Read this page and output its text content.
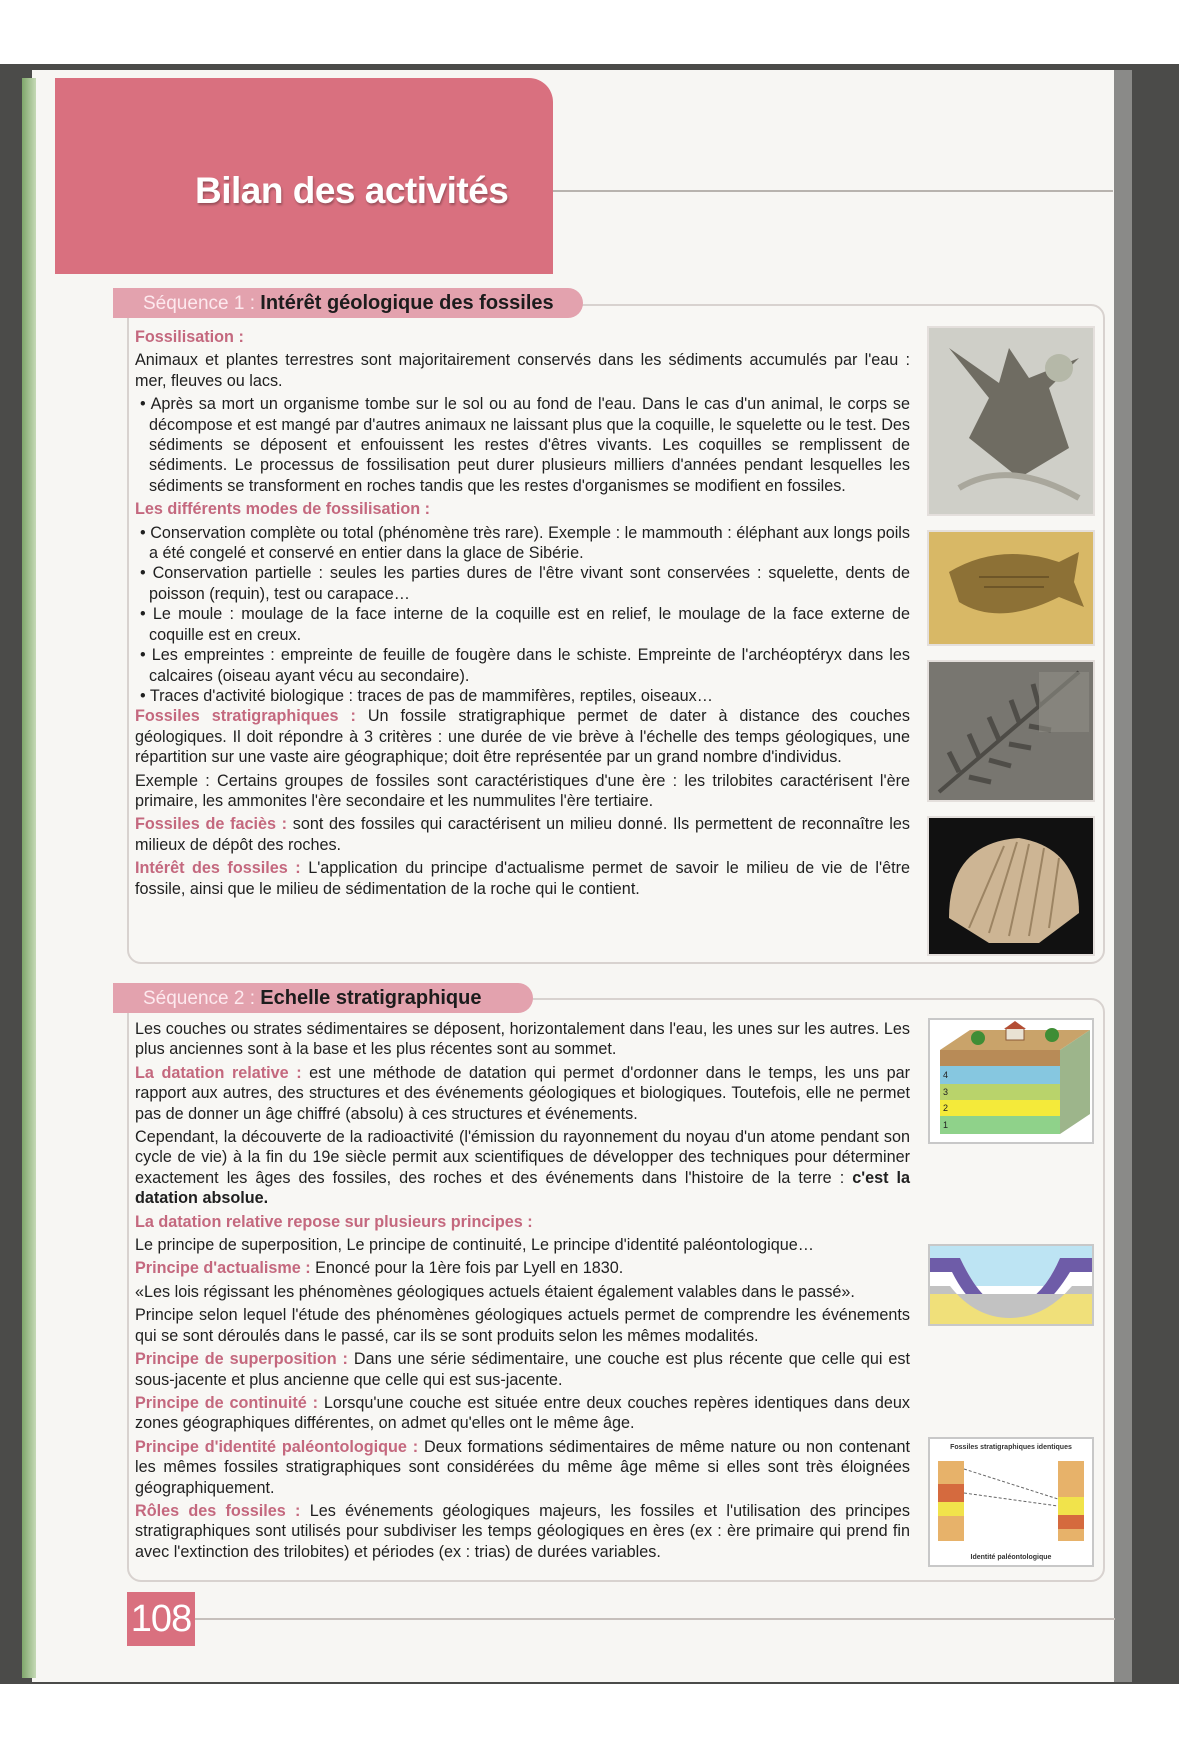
Bilan des activités
Séquence 1 : Intérêt géologique des fossiles

Fossilisation :

Animaux et plantes terrestres sont majoritairement conservés dans les sédiments accumulés par l'eau : mer, fleuves ou lacs.

• Après sa mort un organisme tombe sur le sol ou au fond de l'eau. Dans le cas d'un animal, le corps se décompose et est mangé par d'autres animaux ne laissant plus que la coquille, le squelette ou le test. Des sédiments se déposent et enfouissent les restes d'êtres vivants. Les coquilles se remplissent de sédiments. Le processus de fossilisation peut durer plusieurs milliers d'années pendant lesquelles les sédiments se transforment en roches tandis que les restes d'organismes se modifient en fossiles.

Les différents modes de fossilisation :

• Conservation complète ou total (phénomène très rare). Exemple : le mammouth : éléphant aux longs poils a été congelé et conservé en entier dans la glace de Sibérie.

• Conservation partielle : seules les parties dures de l'être vivant sont conservées : squelette, dents de poisson (requin), test ou carapace…

• Le moule : moulage de la face interne de la coquille est en relief, le moulage de la face externe de coquille est en creux.

• Les empreintes : empreinte de feuille de fougère dans le schiste. Empreinte de l'archéoptéryx dans les calcaires (oiseau ayant vécu au secondaire).

• Traces d'activité biologique : traces de pas de mammifères, reptiles, oiseaux…

Fossiles stratigraphiques : Un fossile stratigraphique permet de dater à distance des couches géologiques. Il doit répondre à 3 critères : une durée de vie brève à l'échelle des temps géologiques, une répartition sur une vaste aire géographique; doit être représentée par un grand nombre d'individus.

Exemple : Certains groupes de fossiles sont caractéristiques d'une ère : les trilobites caractérisent l'ère primaire, les ammonites l'ère secondaire et les nummulites l'ère tertiaire.

Fossiles de faciès : sont des fossiles qui caractérisent un milieu donné. Ils permettent de reconnaître les milieux de dépôt des roches.

Intérêt des fossiles : L'application du principe d'actualisme permet de savoir le milieu de vie de l'être fossile, ainsi que le milieu de sédimentation de la roche qui le contient.

Séquence 2 : Echelle stratigraphique

Les couches ou strates sédimentaires se déposent, horizontalement dans l'eau, les unes sur les autres. Les plus anciennes sont à la base et les plus récentes sont au sommet.

La datation relative : est une méthode de datation qui permet d'ordonner dans le temps, les uns par rapport aux autres, des structures et des événements géologiques et biologiques. Toutefois, elle ne permet pas de donner un âge chiffré (absolu) à ces structures et événements.

Cependant, la découverte de la radioactivité (l'émission du rayonnement du noyau d'un atome pendant son cycle de vie) à la fin du 19e siècle permit aux scientifiques de développer des techniques pour déterminer exactement les âges des fossiles, des roches et des événements dans l'histoire de la terre : c'est la datation absolue.

La datation relative repose sur plusieurs principes :

Le principe de superposition, Le principe de continuité, Le principe d'identité paléontologique…

Principe d'actualisme : Enoncé pour la 1ère fois par Lyell en 1830.

«Les lois régissant les phénomènes géologiques actuels étaient également valables dans le passé».

Principe selon lequel l'étude des phénomènes géologiques actuels permet de comprendre les événements qui se sont déroulés dans le passé, car ils se sont produits selon les mêmes modalités.

Principe de superposition : Dans une série sédimentaire, une couche est plus récente que celle qui est sous-jacente et plus ancienne que celle qui est sus-jacente.

Principe de continuité : Lorsqu'une couche est située entre deux couches repères identiques dans deux zones géographiques différentes, on admet qu'elles ont le même âge.

Principe d'identité paléontologique : Deux formations sédimentaires de même nature ou non contenant les mêmes fossiles stratigraphiques sont considérées du même âge même si elles sont très éloignées géographiquement.

Rôles des fossiles : Les événements géologiques majeurs, les fossiles et l'utilisation des principes stratigraphiques sont utilisés pour subdiviser les temps géologiques en ères (ex : ère primaire qui prend fin avec l'extinction des trilobites) et périodes (ex : trias) de durées variables.

4
3
2
1
Fossiles stratigraphiques identiques
Identité paléontologique
108
